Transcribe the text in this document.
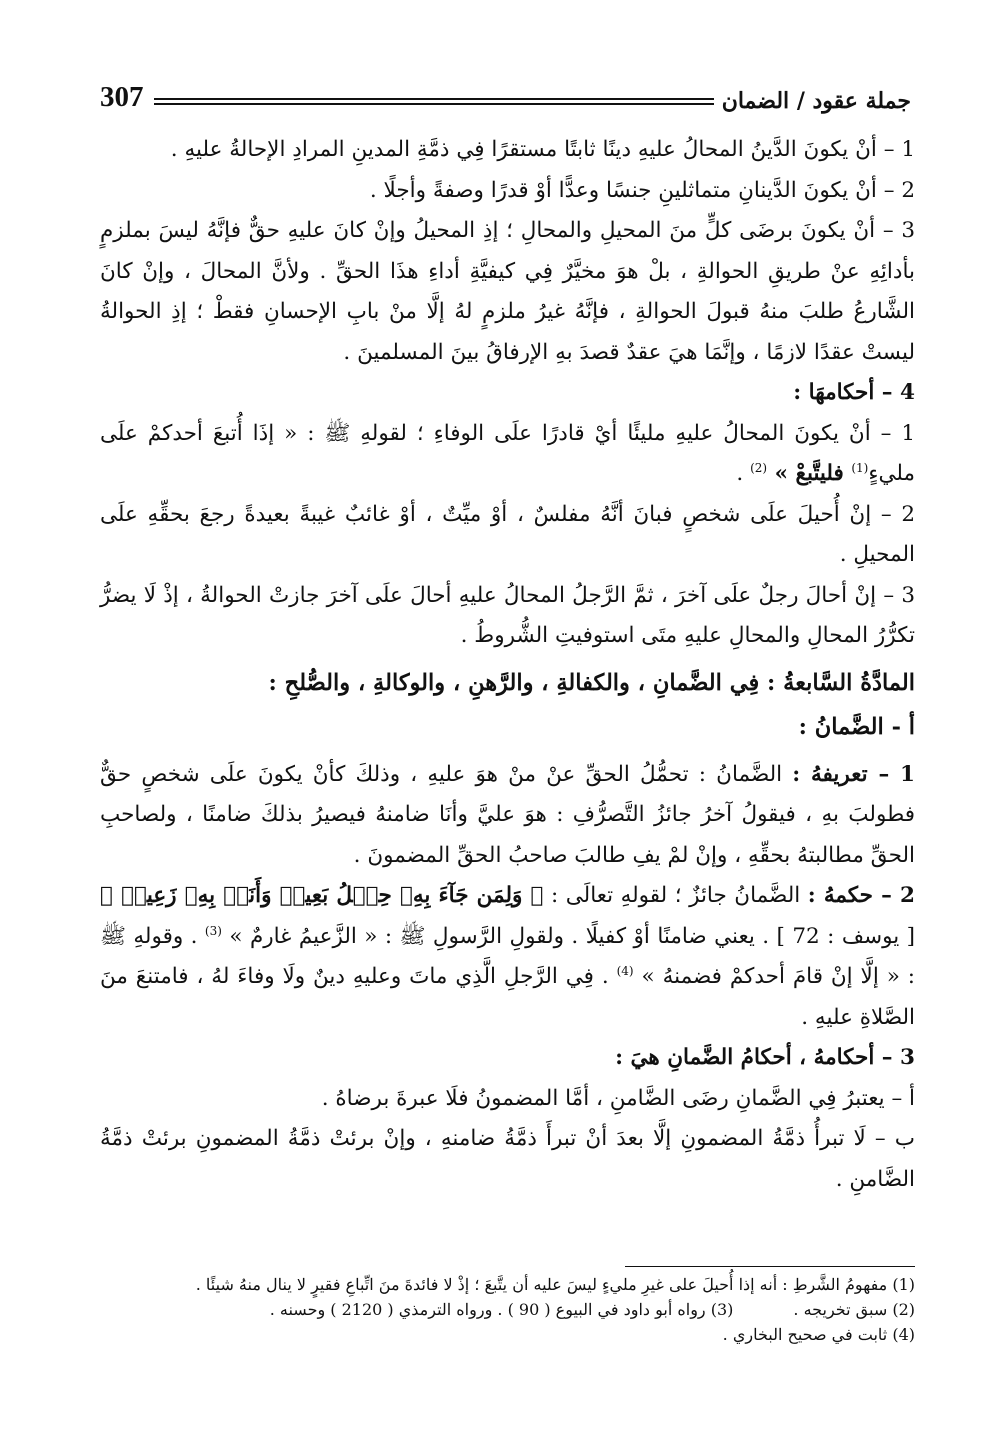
307	جملة عقود / الضمان

1 – أنْ يكونَ الدَّينُ المحالُ عليهِ دينًا ثابتًا مستقرًا فِي ذمَّةِ المدينِ المرادِ الإحالةُ عليهِ .

2 – أنْ يكونَ الدَّينانِ متماثلينِ جنسًا وعدًّا أوْ قدرًا وصفةً وأجلًا .

3 – أنْ يكونَ برضَى كلٍّ منَ المحيلِ والمحالِ ؛ إذِ المحيلُ وإنْ كانَ عليهِ حقٌّ فإنَّهُ ليسَ بملزمٍ بأدائِهِ عنْ طريقِ الحوالةِ ، بلْ هوَ مخيَّرٌ فِي كيفيَّةِ أداءِ هذَا الحقِّ . ولأنَّ المحالَ ، وإنْ كانَ الشَّارعُ طلبَ منهُ قبولَ الحوالةِ ، فإنَّهُ غيرُ ملزمٍ لهُ إلَّا منْ بابِ الإحسانِ فقطْ ؛ إذِ الحوالةُ ليستْ عقدًا لازمًا ، وإنَّمَا هيَ عقدٌ قصدَ بهِ الإرفاقُ بينَ المسلمينَ .

4 – أحكامهَا :

1 – أنْ يكونَ المحالُ عليهِ مليئًا أيْ قادرًا علَى الوفاءِ ؛ لقولهِ ﷺ : « إذَا أُتبعَ أحدكمْ علَى مليءٍ$^{(1)}$ فليتَّبعْ » $^{(2)}$ .

2 – إنْ أُحيلَ علَى شخصٍ فبانَ أنَّهُ مفلسٌ ، أوْ ميِّتٌ ، أوْ غائبٌ غيبةً بعيدةً رجعَ بحقِّهِ علَى المحيلِ .

3 – إنْ أحالَ رجلٌ علَى آخرَ ، ثمَّ الرَّجلُ المحالُ عليهِ أحالَ علَى آخرَ جازتْ الحوالةُ ، إذْ لَا يضرُّ تكرُّرُ المحالِ والمحالِ عليهِ متَى استوفيتِ الشُّروطُ .

المادَّةُ السَّابعةُ : فِي الضَّمانِ ، والكفالةِ ، والرَّهنِ ، والوكالةِ ، والصُّلحِ :

أ - الضَّمانُ :

1 – تعريفهُ : الضَّمانُ : تحمُّلُ الحقِّ عنْ منْ هوَ عليهِ ، وذلكَ كأنْ يكونَ علَى شخصٍ حقٌّ فطولبَ بهِ ، فيقولُ آخرُ جائزُ التَّصرُّفِ : هوَ عليَّ وأنَا ضامنهُ فيصيرُ بذلكَ ضامنًا ، ولصاحبِ الحقِّ مطالبتهُ بحقِّهِ ، وإنْ لمْ يفِ طالبَ صاحبُ الحقِّ المضمونَ .

2 – حكمهُ : الضَّمانُ جائزٌ ؛ لقولهِ تعالَى : ﴿ وَلِمَن جَآءَ بِهِۦ حِمۡلُ بَعِيرٖ وَأَنَا۠ بِهِۦ زَعِيمٞ ﴾ [ يوسف : 72 ] . يعني ضامنًا أوْ كفيلًا . ولقولِ الرَّسولِ ﷺ : « الزَّعيمُ غارمٌ » $^{(3)}$ . وقولهِ ﷺ : « إلَّا إنْ قامَ أحدكمْ فضمنهُ » $^{(4)}$ . فِي الرَّجلِ الَّذِي ماتَ وعليهِ دينٌ ولَا وفاءَ لهُ ، فامتنعَ منَ الصَّلاةِ عليهِ .

3 – أحكامهُ ، أحكامُ الضَّمانِ هيَ :

أ – يعتبرُ فِي الضَّمانِ رضَى الضَّامنِ ، أمَّا المضمونُ فلَا عبرةَ برضاهُ .

ب – لَا تبرأُ ذمَّةُ المضمونِ إلَّا بعدَ أنْ تبرأَ ذمَّةُ ضامنهِ ، وإنْ برئتْ ذمَّةُ المضمونِ برئتْ ذمَّةُ الضَّامنِ .

(1) مفهومُ الشَّرطِ : أنه إذا أُحيلَ على غيرِ مليءٍ ليسَ عليه أن يتَّبعَ ؛ إذْ لا فائدةَ منَ اتِّباعِ فقيرٍ لا ينال منهُ شيئًا .

(2) سبق تخريجه .

(3) رواه أبو داود في البيوع ( 90 ) . ورواه الترمذي ( 2120 ) وحسنه .

(4) ثابت في صحيح البخاري .
